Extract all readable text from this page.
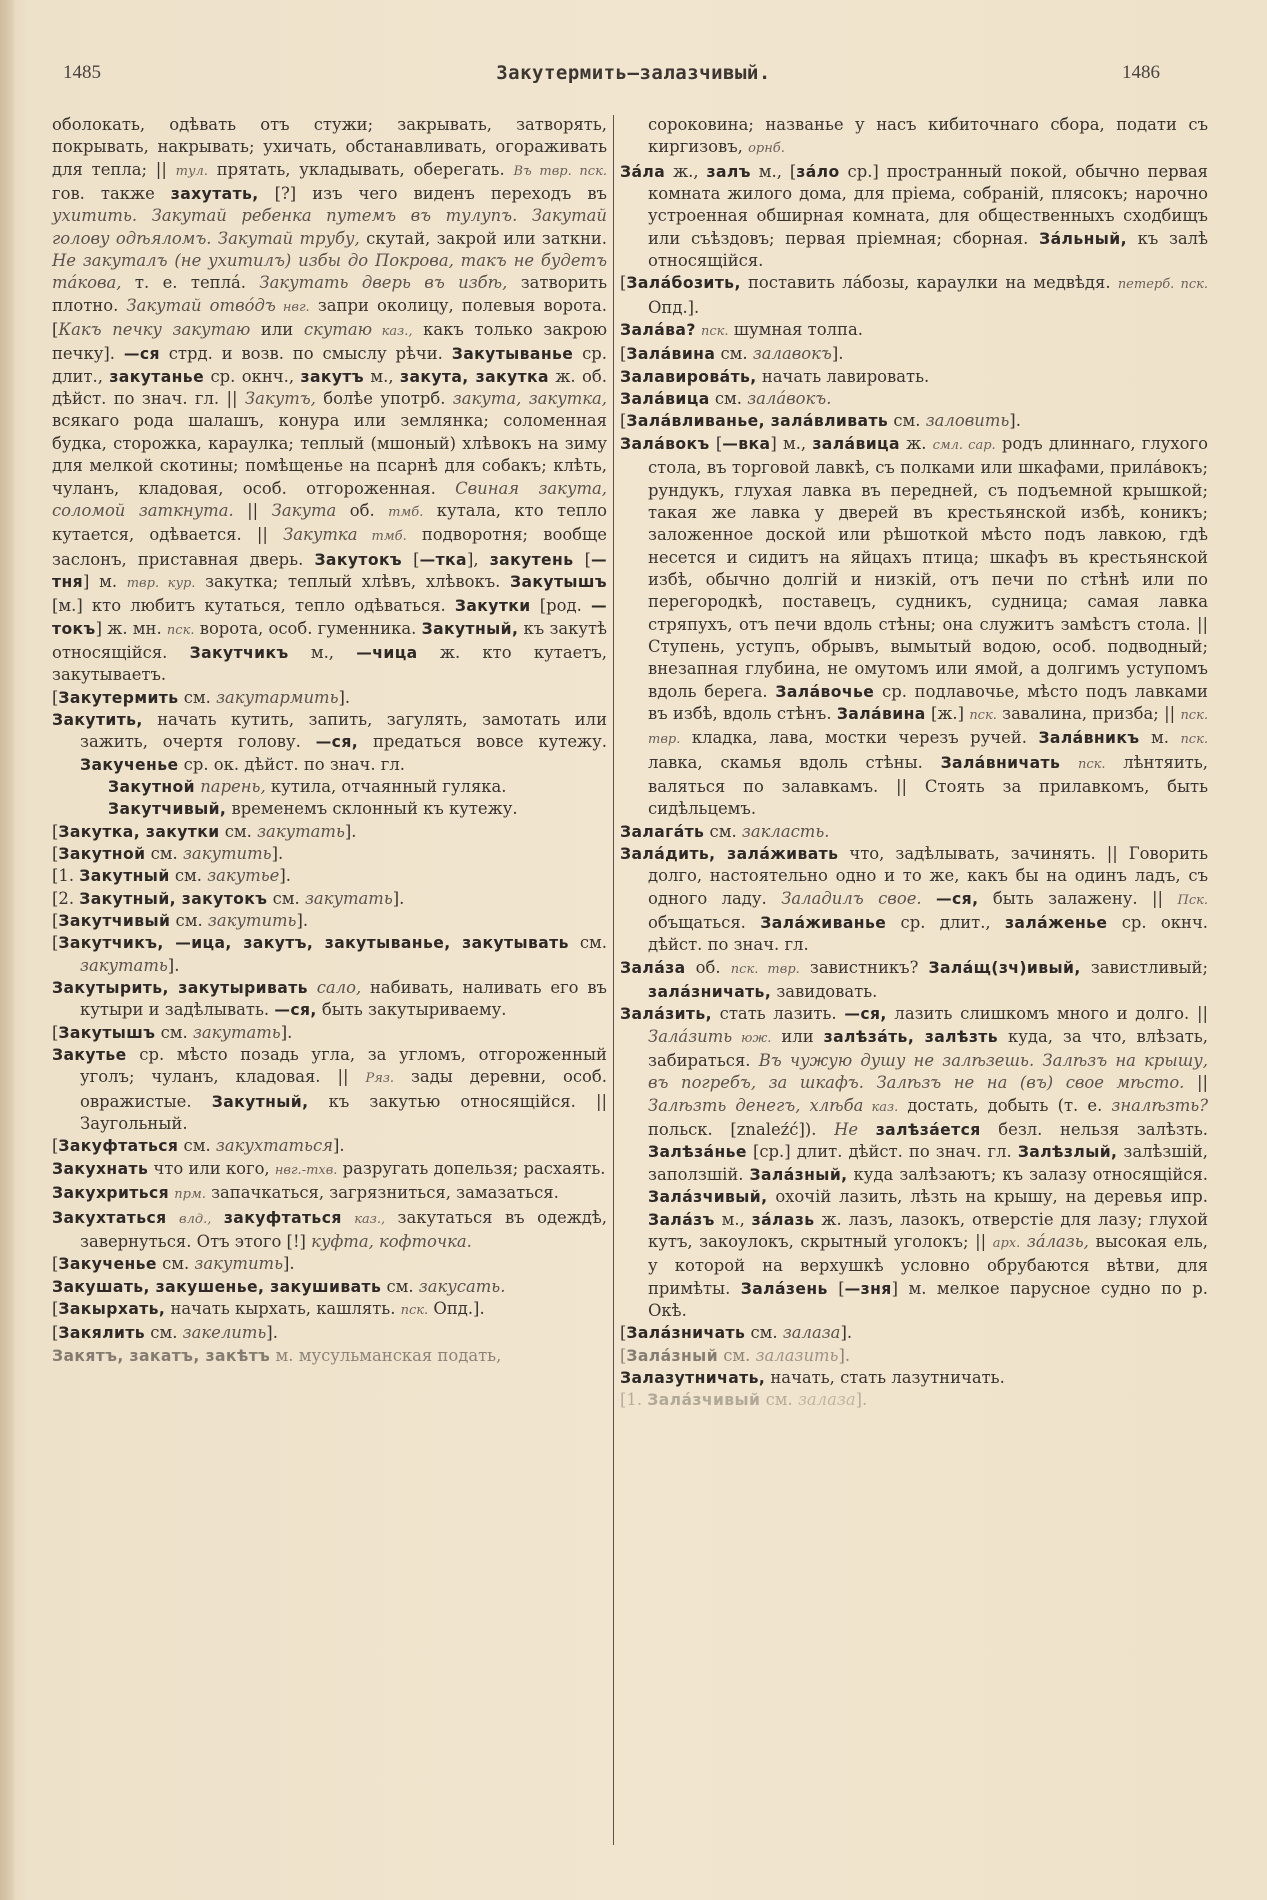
1485	Закутермить—залазчивый.	1486

оболокать, одѣвать отъ стужи; закрывать, затворять, покрывать, накрывать; ухичать, обстанавливать, огораживать для тепла; || тул. прятать, укладывать, оберегать. Въ твр. пск. гов. также захутать, [?] изъ чего виденъ переходъ въ ухитить. Закутай ребенка путемъ въ тулупъ. Закутай голову одѣяломъ. Закутай трубу, скутай, закрой или заткни. Не закуталъ (не ухитилъ) избы до Покрова, такъ не будетъ тáкова, т. е. теплá. Закутать дверь въ избѣ, затворить плотно. Закутай отвóдъ нвг. запри околицу, полевыя ворота. [Какъ печку закутаю или скутаю каз., какъ только закрою печку]. —ся стрд. и возв. по смыслу рѣчи. Закутыванье ср. длит., закутанье ср. окнч., закутъ м., закута, закутка ж. об. дѣйст. по знач. гл. || Закутъ, болѣе употрб. закута, закутка, всякаго рода шалашъ, конура или землянка; соломенная будка, сторожка, караулка; теплый (мшоный) хлѣвокъ на зиму для мелкой скотины; помѣщенье на псарнѣ для собакъ; клѣть, чуланъ, кладовая, особ. отгороженная. Свиная закута, соломой заткнута. || Закута об. тмб. кутала, кто тепло кутается, одѣвается. || Закутка тмб. подворотня; вообще заслонъ, приставная дверь. Закутокъ [—тка], закутень [—тня] м. твр. кур. закутка; теплый хлѣвъ, хлѣвокъ. Закутышъ [м.] кто любитъ кутаться, тепло одѣваться. Закутки [род. —токъ] ж. мн. пск. ворота, особ. гуменника. Закутный, къ закутѣ относящійся. Закутчикъ м., —чица ж. кто кутаетъ, закутываетъ.

[Закутермить см. закутармить].

Закутить, начать кутить, запить, загулять, замотать или зажить, очертя голову. —ся, предаться вовсе кутежу. Закученье ср. ок. дѣйст. по знач. гл.

Закутной парень, кутила, отчаянный гуляка.

Закутчивый, временемъ склонный къ кутежу.

[Закутка, закутки см. закутать].

[Закутной см. закутить].

[1. Закутный см. закутье].

[2. Закутный, закутокъ см. закутать].

[Закутчивый см. закутить].

[Закутчикъ, —ица, закутъ, закутыванье, закутывать см. закутать].

Закутырить, закутыривать сало, набивать, наливать его въ кутыри и задѣлывать. —ся, быть закутыриваему.

[Закутышъ см. закутать].

Закутье ср. мѣсто позадь угла, за угломъ, отгороженный уголъ; чуланъ, кладовая. || Ряз. зады деревни, особ. овражистые. Закутный, къ закутью относящійся. || Заугольный.

[Закуфтаться см. закухтаться].

Закухнать что или кого, нвг.-тхв. разругать допельзя; расхаять.

Закухриться прм. запачкаться, загрязниться, замазаться.

Закухтаться влд., закуфтаться каз., закутаться въ одеждѣ, завернуться. Отъ этого [!] куфта, кофточка.

[Закученье см. закутить].

Закушать, закушенье, закушивать см. закусать.

[Закырхать, начать кырхать, кашлять. пск. Опд.].

[Закялить см. закелить].

Закятъ, закатъ, закѣтъ м. мусульманская подать,

сороковина; названье у насъ кибиточнаго сбора, подати съ киргизовъ, орнб.

Зáла ж., залъ м., [зáло ср.] пространный покой, обычно первая комната жилого дома, для пріема, собраній, плясокъ; нарочно устроенная обширная комната, для общественныхъ сходбищъ или съѣздовъ; первая пріемная; сборная. Зáльный, къ залѣ относящійся.

[Залáбозить, поставить лáбозы, караулки на медвѣдя. петерб. пск. Опд.].

Залáва? пск. шумная толпа.

[Залáвина см. залавокъ].

Залавировáть, начать лавировать.

Залáвица см. залáвокъ.

[Залáвливанье, залáвливать см. заловить].

Залáвокъ [—вка] м., залáвица ж. смл. сар. родъ длиннаго, глухого стола, въ торговой лавкѣ, съ полками или шкафами, прилáвокъ; рундукъ, глухая лавка въ передней, съ подъемной крышкой; такая же лавка у дверей въ крестьянской избѣ, коникъ; заложенное доской или рѣшоткой мѣсто подъ лавкою, гдѣ несется и сидитъ на яйцахъ птица; шкафъ въ крестьянской избѣ, обычно долгій и низкій, отъ печи по стѣнѣ или по перегородкѣ, поставецъ, судникъ, судница; самая лавка стряпухъ, отъ печи вдоль стѣны; она служитъ замѣстъ стола. || Ступень, уступъ, обрывъ, вымытый водою, особ. подводный; внезапная глубина, не омутомъ или ямой, а долгимъ уступомъ вдоль берега. Залáвочье ср. подлавочье, мѣсто подъ лавками въ избѣ, вдоль стѣнъ. Залáвина [ж.] пск. завалина, призба; || пск. твр. кладка, лава, мостки черезъ ручей. Залáвникъ м. пск. лавка, скамья вдоль стѣны. Залáвничать пск. лѣнтяить, валяться по залавкамъ. || Стоять за прилавкомъ, быть сидѣльцемъ.

Залагáть см. закласть.

Залáдить, залáживать что, задѣлывать, зачинять. || Говорить долго, настоятельно одно и то же, какъ бы на одинъ ладъ, съ одного ладу. Заладилъ свое. —ся, быть залажену. || Пск. объщаться. Залáживанье ср. длит., залáженье ср. окнч. дѣйст. по знач. гл.

Залáза об. пск. твр. завистникъ? Залáщ(зч)ивый, завистливый; залáзничать, завидовать.

Залáзить, стать лазить. —ся, лазить слишкомъ много и долго. || Залáзить юж. или залѣзáть, залѣзть куда, за что, влѣзать, забираться. Въ чужую душу не залѣзешь. Залѣзъ на крышу, въ погребъ, за шкафъ. Залѣзъ не на (въ) свое мѣсто. || Залѣзть денегъ, хлѣба каз. достать, добыть (т. е. зналѣзть? польск. [znaleźć]). Не залѣзáется безл. нельзя залѣзть. Залѣзáнье [ср.] длит. дѣйст. по знач. гл. Залѣзлый, залѣзшій, заползшій. Залáзный, куда залѣзаютъ; къ залазу относящійся. Залáзчивый, охочій лазить, лѣзть на крышу, на деревья ипр. Залáзъ м., зáлазь ж. лазъ, лазокъ, отверстіе для лазу; глухой кутъ, закоулокъ, скрытный уголокъ; || арх. зáлазь, высокая ель, у которой на верхушкѣ условно обрубаются вѣтви, для примѣты. Залáзень [—зня] м. мелкое парусное судно по р. Окѣ.

[Залáзничать см. залаза].

[Залáзный см. залазить].

Залазутничать, начать, стать лазутничать.

[1. Залáзчивый см. залаза].
